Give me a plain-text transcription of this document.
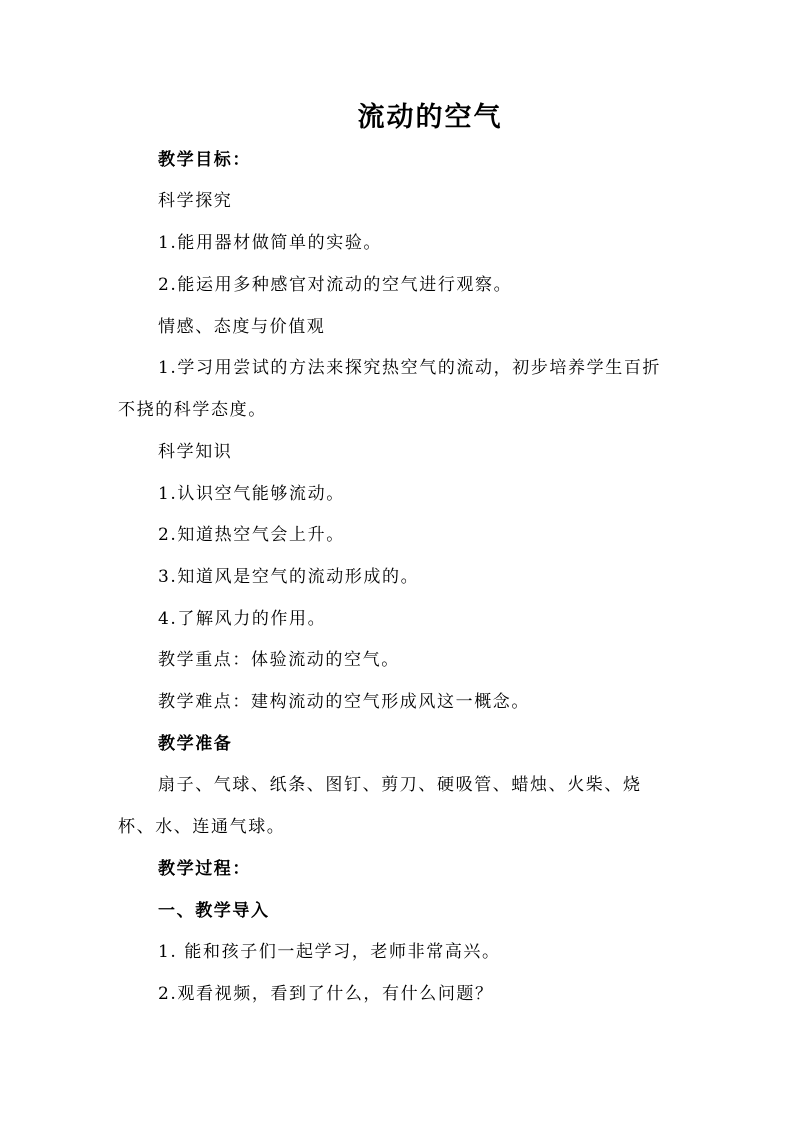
流动的空气
教学目标：
科学探究
1.能用器材做简单的实验。
2.能运用多种感官对流动的空气进行观察。
情感、态度与价值观
1.学习用尝试的方法来探究热空气的流动，初步培养学生百折
不挠的科学态度。
科学知识
1.认识空气能够流动。
2.知道热空气会上升。
3.知道风是空气的流动形成的。
4.了解风力的作用。
教学重点：体验流动的空气。
教学难点：建构流动的空气形成风这一概念。
教学准备
扇子、气球、纸条、图钉、剪刀、硬吸管、蜡烛、火柴、烧
杯、水、连通气球。
教学过程：
一、教学导入
1. 能和孩子们一起学习，老师非常高兴。
2.观看视频，看到了什么，有什么问题？
